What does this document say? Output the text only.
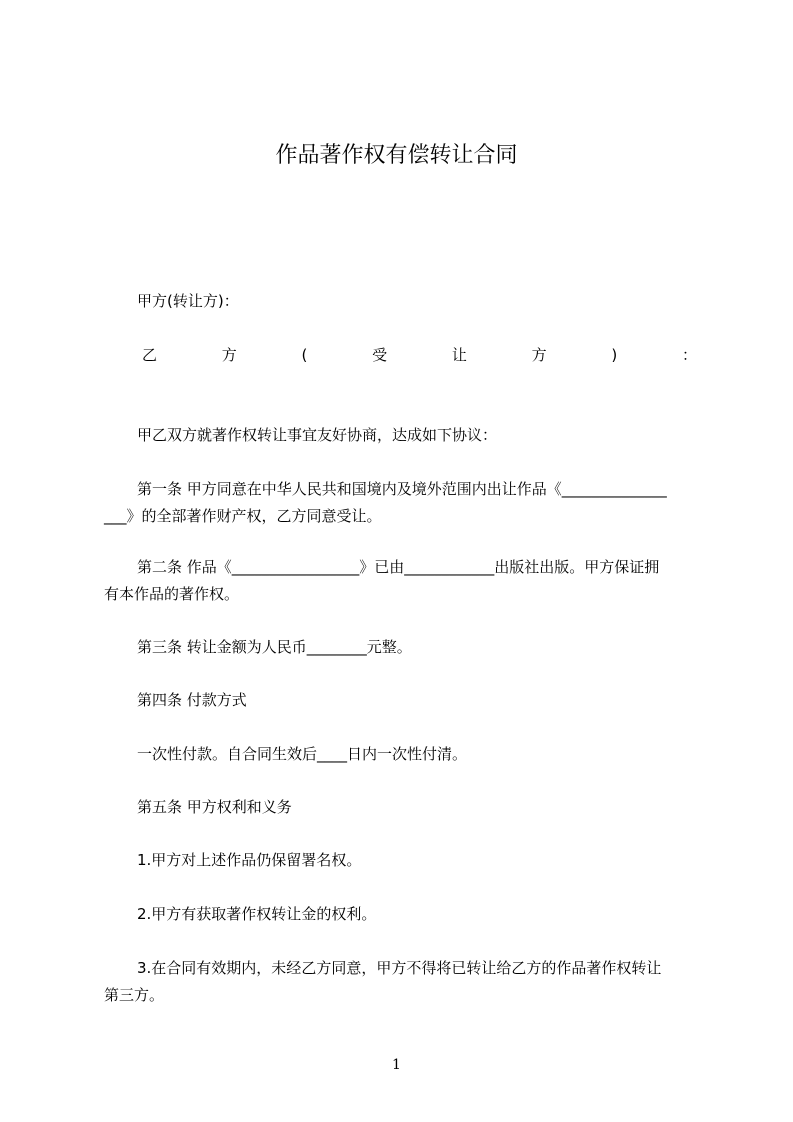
作品著作权有偿转让合同
甲方(转让方)：
乙	方	(	受	让	方	)	：
甲乙双方就著作权转让事宜友好协商，达成如下协议：
第一条 甲方同意在中华人民共和国境内及境外范围内出让作品《______________
___》的全部著作财产权，乙方同意受让。
第二条 作品《_________________》已由____________出版社出版。甲方保证拥
有本作品的著作权。
第三条 转让金额为人民币________元整。
第四条 付款方式
一次性付款。自合同生效后____日内一次性付清。
第五条 甲方权利和义务
1.甲方对上述作品仍保留署名权。
2.甲方有获取著作权转让金的权利。
3.在合同有效期内，未经乙方同意，甲方不得将已转让给乙方的作品著作权转让
第三方。
1
